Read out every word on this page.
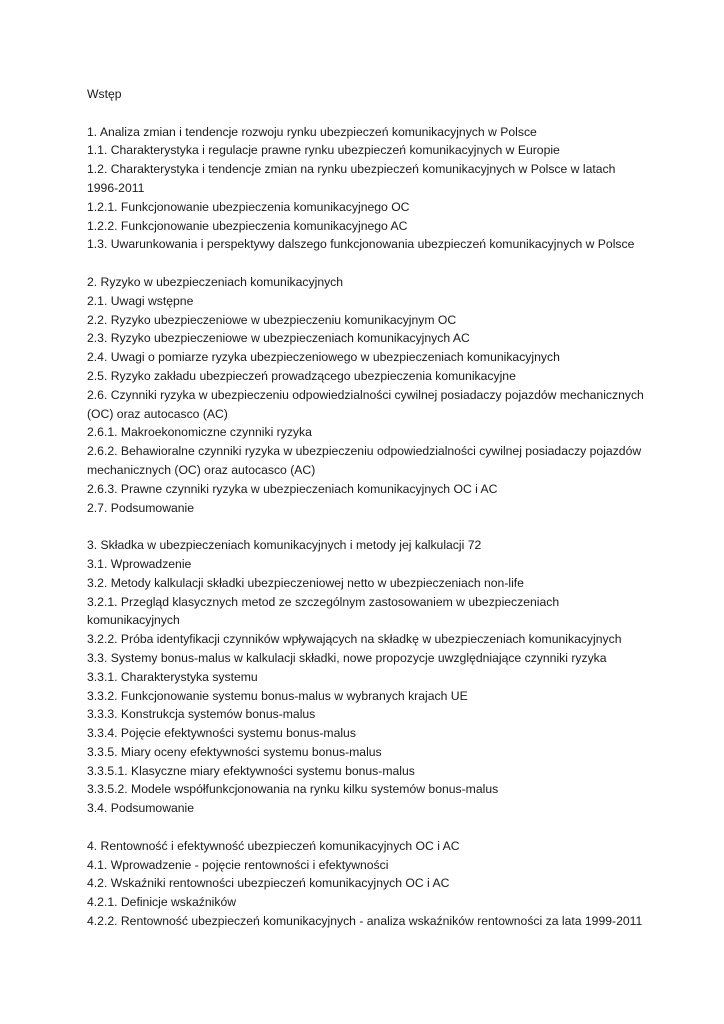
Wstęp
1. Analiza zmian i tendencje rozwoju rynku ubezpieczeń komunikacyjnych w Polsce
1.1. Charakterystyka i regulacje prawne rynku ubezpieczeń komunikacyjnych w Europie
1.2. Charakterystyka i tendencje zmian na rynku ubezpieczeń komunikacyjnych w Polsce w latach
1996-2011
1.2.1. Funkcjonowanie ubezpieczenia komunikacyjnego OC
1.2.2. Funkcjonowanie ubezpieczenia komunikacyjnego AC
1.3. Uwarunkowania i perspektywy dalszego funkcjonowania ubezpieczeń komunikacyjnych w Polsce
2. Ryzyko w ubezpieczeniach komunikacyjnych
2.1. Uwagi wstępne
2.2. Ryzyko ubezpieczeniowe w ubezpieczeniu komunikacyjnym OC
2.3. Ryzyko ubezpieczeniowe w ubezpieczeniach komunikacyjnych AC
2.4. Uwagi o pomiarze ryzyka ubezpieczeniowego w ubezpieczeniach komunikacyjnych
2.5. Ryzyko zakładu ubezpieczeń prowadzącego ubezpieczenia komunikacyjne
2.6. Czynniki ryzyka w ubezpieczeniu odpowiedzialności cywilnej posiadaczy pojazdów mechanicznych
(OC) oraz autocasco (AC)
2.6.1. Makroekonomiczne czynniki ryzyka
2.6.2. Behawioralne czynniki ryzyka w ubezpieczeniu odpowiedzialności cywilnej posiadaczy pojazdów
mechanicznych (OC) oraz autocasco (AC)
2.6.3. Prawne czynniki ryzyka w ubezpieczeniach komunikacyjnych OC i AC
2.7. Podsumowanie
3. Składka w ubezpieczeniach komunikacyjnych i metody jej kalkulacji 72
3.1. Wprowadzenie
3.2. Metody kalkulacji składki ubezpieczeniowej netto w ubezpieczeniach non-life
3.2.1. Przegląd klasycznych metod ze szczególnym zastosowaniem w ubezpieczeniach
komunikacyjnych
3.2.2. Próba identyfikacji czynników wpływających na składkę w ubezpieczeniach komunikacyjnych
3.3. Systemy bonus-malus w kalkulacji składki, nowe propozycje uwzględniające czynniki ryzyka
3.3.1. Charakterystyka systemu
3.3.2. Funkcjonowanie systemu bonus-malus w wybranych krajach UE
3.3.3. Konstrukcja systemów bonus-malus
3.3.4. Pojęcie efektywności systemu bonus-malus
3.3.5. Miary oceny efektywności systemu bonus-malus
3.3.5.1. Klasyczne miary efektywności systemu bonus-malus
3.3.5.2. Modele współfunkcjonowania na rynku kilku systemów bonus-malus
3.4. Podsumowanie
4. Rentowność i efektywność ubezpieczeń komunikacyjnych OC i AC
4.1. Wprowadzenie - pojęcie rentowności i efektywności
4.2. Wskaźniki rentowności ubezpieczeń komunikacyjnych OC i AC
4.2.1. Definicje wskaźników
4.2.2. Rentowność ubezpieczeń komunikacyjnych - analiza wskaźników rentowności za lata 1999-2011
